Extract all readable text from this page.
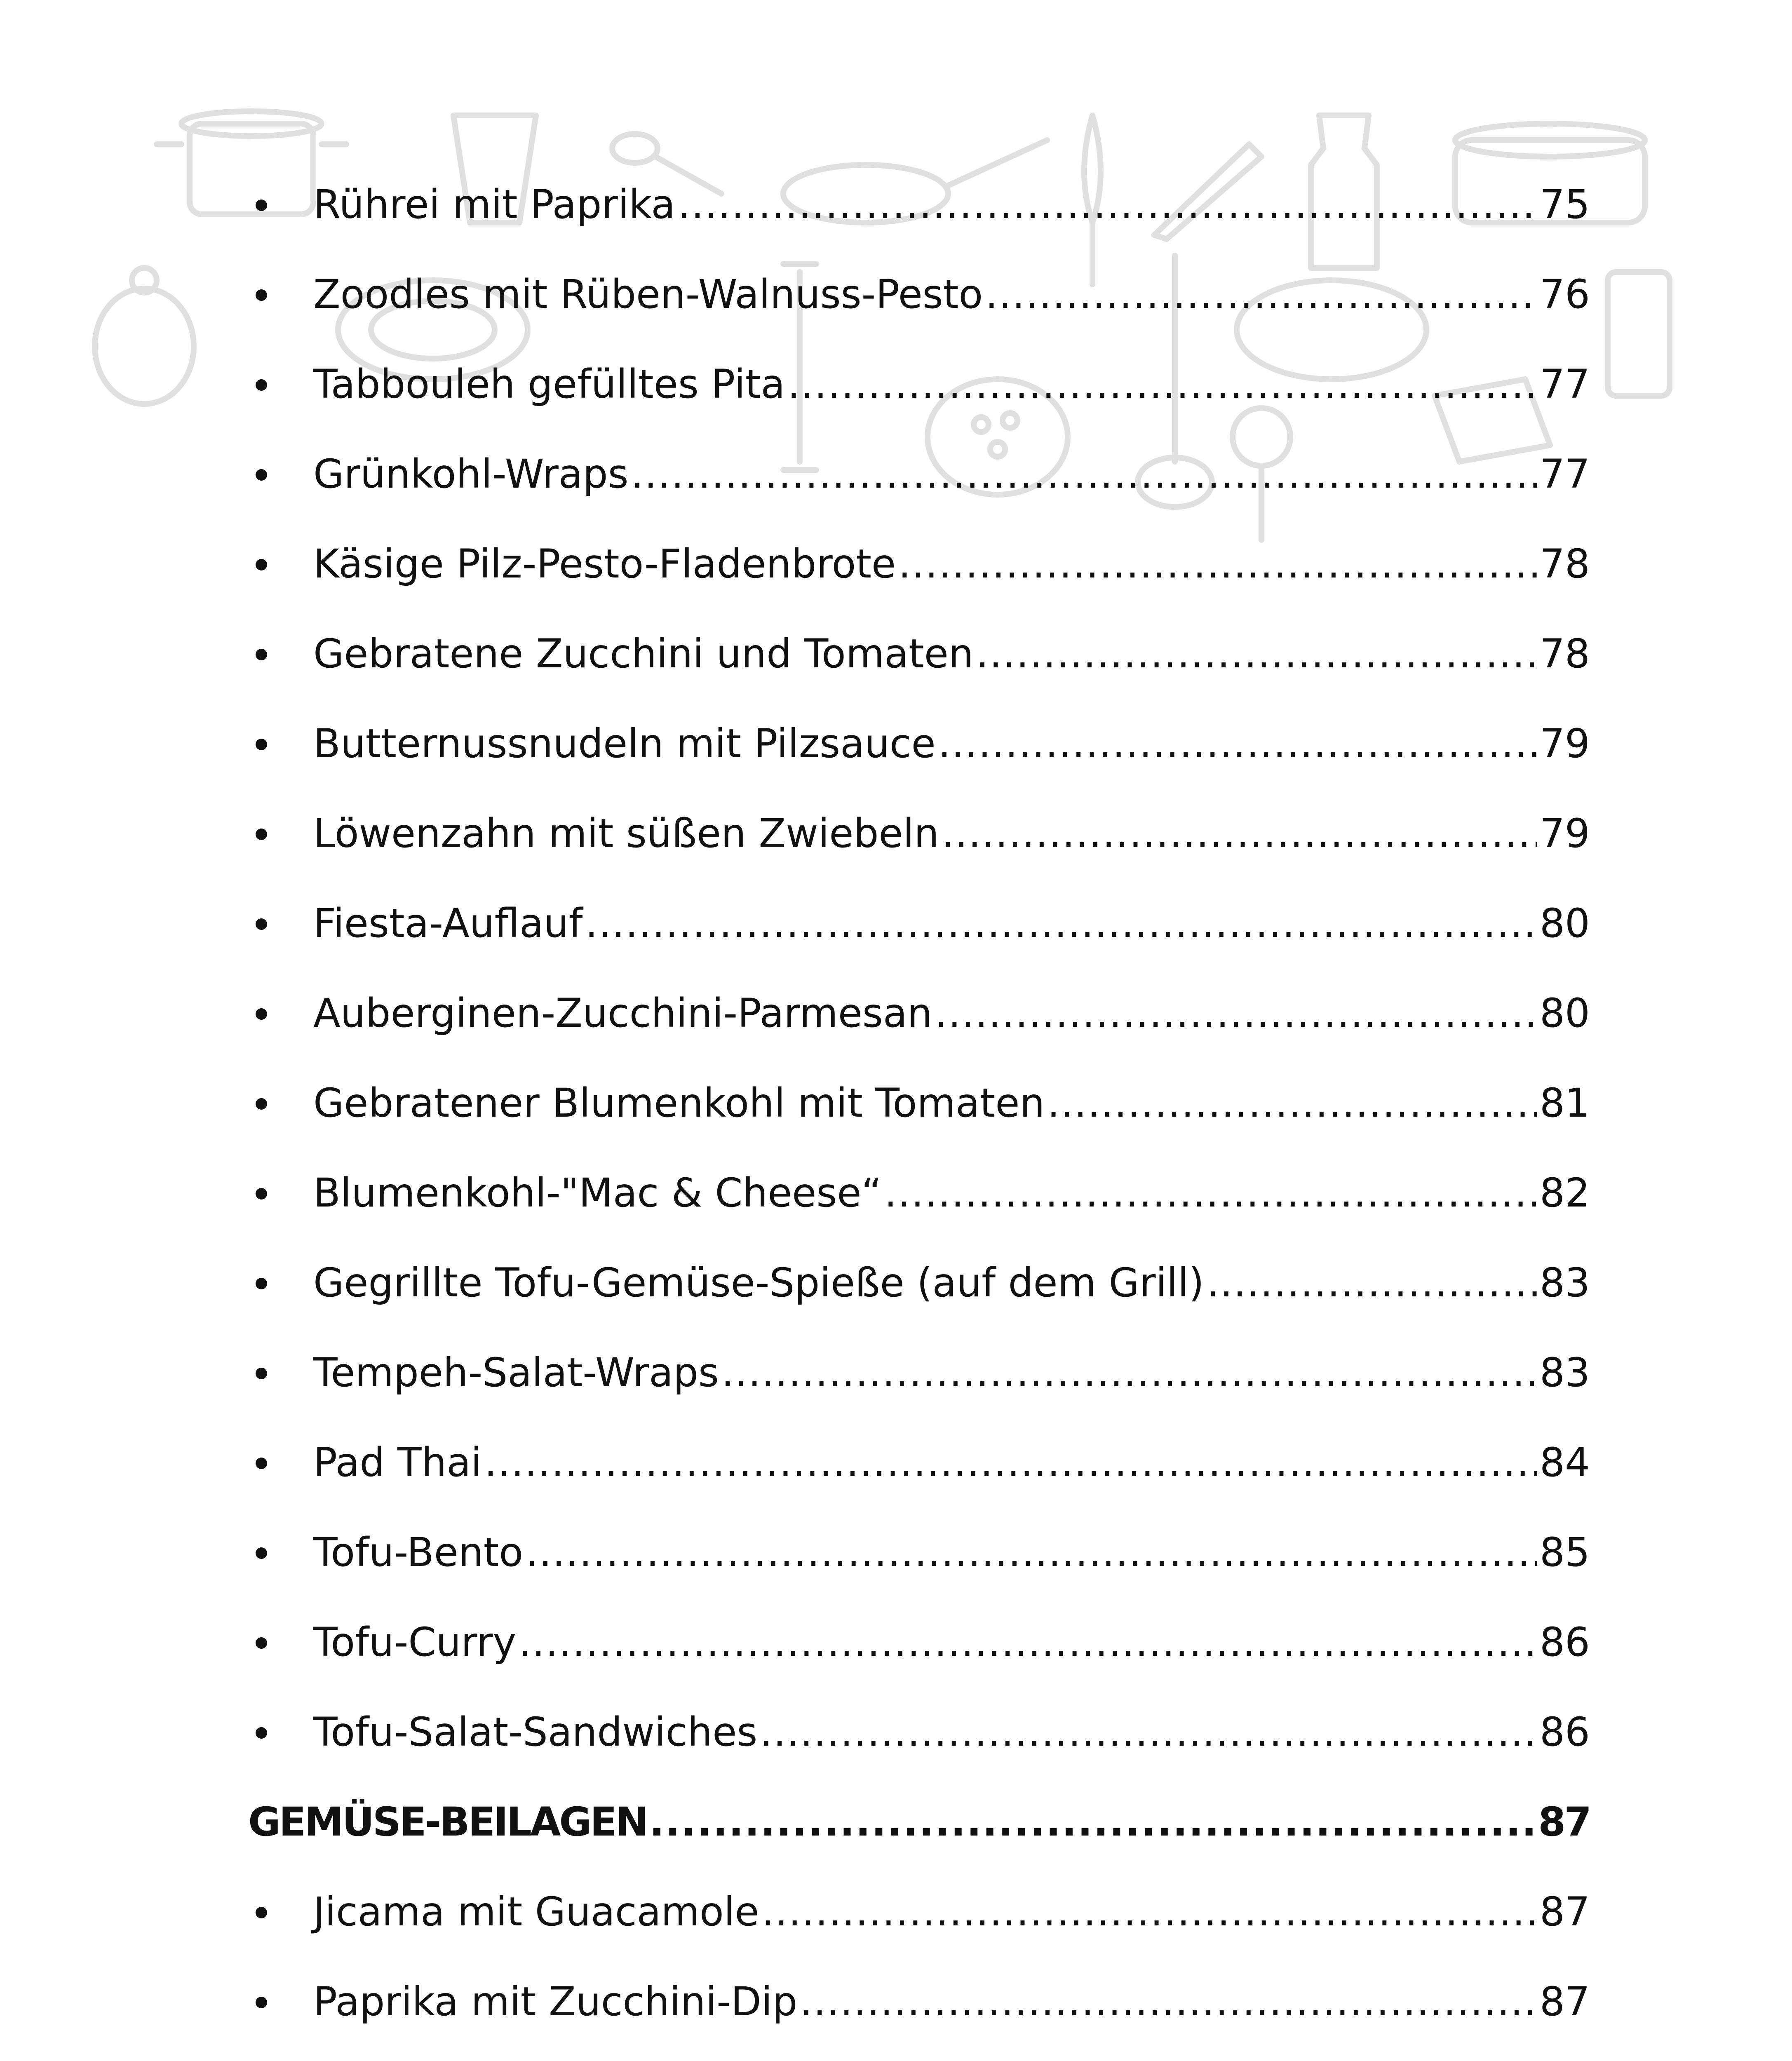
Rührei mit Paprika .....	75
Zoodles mit Rüben-Walnuss-Pesto .....	76
Tabbouleh gefülltes Pita .....	77
Grünkohl-Wraps .....	77
Käsige Pilz-Pesto-Fladenbrote .....	78
Gebratene Zucchini und Tomaten .....	78
Butternussnudeln mit Pilzsauce .....	79
Löwenzahn mit süßen Zwiebeln .....	79
Fiesta-Auflauf .....	80
Auberginen-Zucchini-Parmesan .....	80
Gebratener Blumenkohl mit Tomaten .....	81
Blumenkohl-"Mac & Cheese“ .....	82
Gegrillte Tofu-Gemüse-Spieße (auf dem Grill) .....	83
Tempeh-Salat-Wraps .....	83
Pad Thai .....	84
Tofu-Bento .....	85
Tofu-Curry .....	86
Tofu-Salat-Sandwiches .....	86
GEMÜSE-BEILAGEN .....	87
Jicama mit Guacamole .....	87
Paprika mit Zucchini-Dip .....	87
